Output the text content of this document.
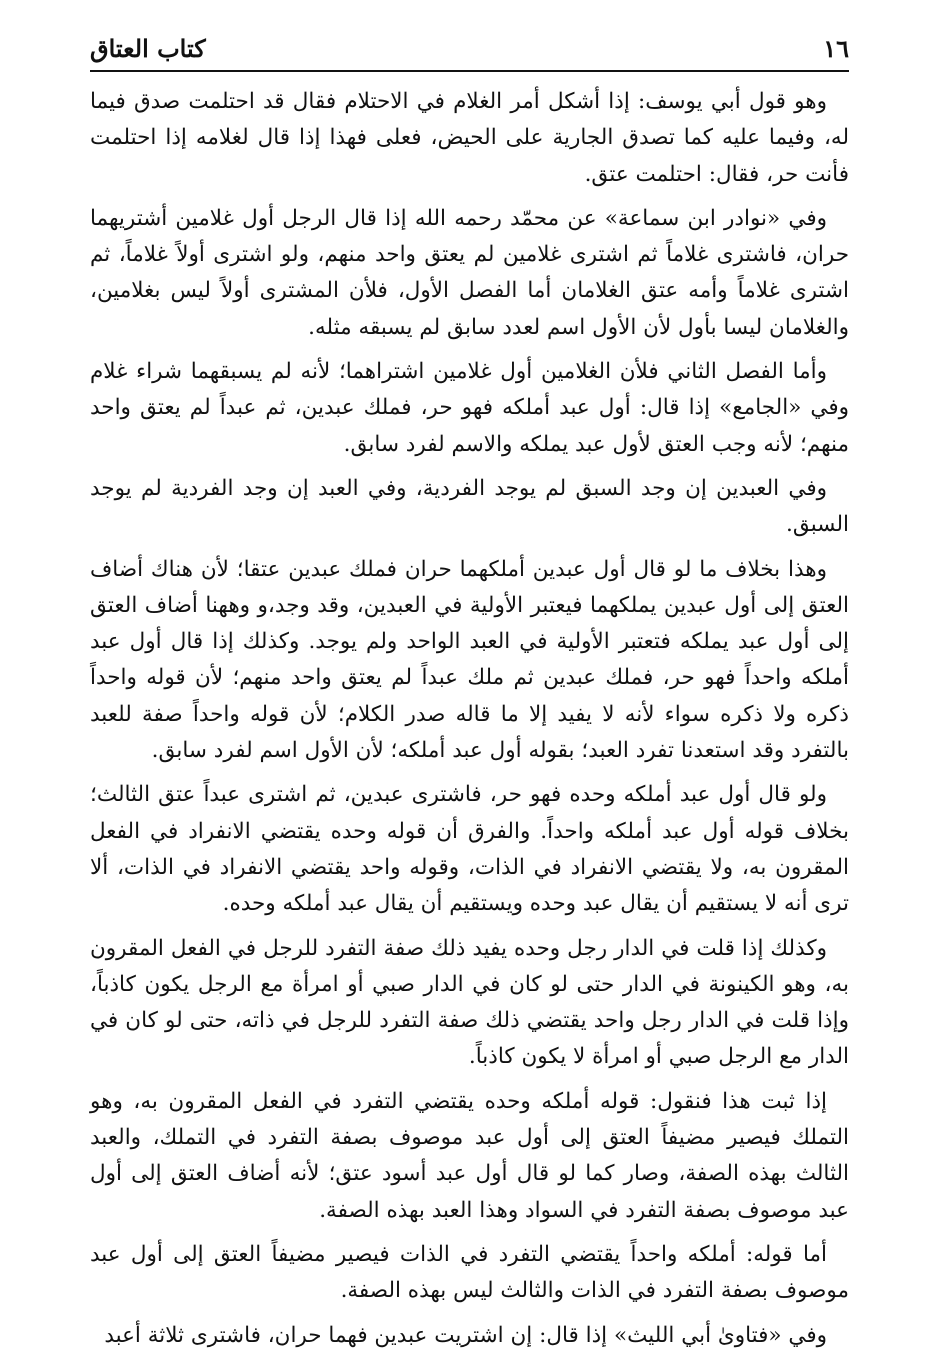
١٦
كتاب العتاق

وهو قول أبي يوسف: إذا أشكل أمر الغلام في الاحتلام فقال قد احتلمت صدق فيما له، وفيما عليه كما تصدق الجارية على الحيض، فعلى فهذا إذا قال لغلامه إذا احتلمت فأنت حر، فقال: احتلمت عتق.

وفي «نوادر ابن سماعة» عن محمّد رحمه الله إذا قال الرجل أول غلامين أشتريهما حران، فاشترى غلاماً ثم اشترى غلامين لم يعتق واحد منهم، ولو اشترى أولاً غلاماً، ثم اشترى غلاماً وأمه عتق الغلامان أما الفصل الأول، فلأن المشترى أولاً ليس بغلامين، والغلامان ليسا بأول لأن الأول اسم لعدد سابق لم يسبقه مثله.

وأما الفصل الثاني فلأن الغلامين أول غلامين اشتراهما؛ لأنه لم يسبقهما شراء غلام وفي «الجامع» إذا قال: أول عبد أملكه فهو حر، فملك عبدين، ثم عبداً لم يعتق واحد منهم؛ لأنه وجب العتق لأول عبد يملكه والاسم لفرد سابق.

وفي العبدين إن وجد السبق لم يوجد الفردية، وفي العبد إن وجد الفردية لم يوجد السبق.

وهذا بخلاف ما لو قال أول عبدين أملكهما حران فملك عبدين عتقا؛ لأن هناك أضاف العتق إلى أول عبدين يملكهما فيعتبر الأولية في العبدين، وقد وجد،و وههنا أضاف العتق إلى أول عبد يملكه فتعتبر الأولية في العبد الواحد ولم يوجد. وكذلك إذا قال أول عبد أملكه واحداً فهو حر، فملك عبدين ثم ملك عبداً لم يعتق واحد منهم؛ لأن قوله واحداً ذكره ولا ذكره سواء لأنه لا يفيد إلا ما قاله صدر الكلام؛ لأن قوله واحداً صفة للعبد بالتفرد وقد استعدنا تفرد العبد؛ بقوله أول عبد أملكه؛ لأن الأول اسم لفرد سابق.

ولو قال أول عبد أملكه وحده فهو حر، فاشترى عبدين، ثم اشترى عبداً عتق الثالث؛ بخلاف قوله أول عبد أملكه واحداً. والفرق أن قوله وحده يقتضي الانفراد في الفعل المقرون به، ولا يقتضي الانفراد في الذات، وقوله واحد يقتضي الانفراد في الذات، ألا ترى أنه لا يستقيم أن يقال عبد وحده ويستقيم أن يقال عبد أملكه وحده.

وكذلك إذا قلت في الدار رجل وحده يفيد ذلك صفة التفرد للرجل في الفعل المقرون به، وهو الكينونة في الدار حتى لو كان في الدار صبي أو امرأة مع الرجل يكون كاذباً، وإذا قلت في الدار رجل واحد يقتضي ذلك صفة التفرد للرجل في ذاته، حتى لو كان في الدار مع الرجل صبي أو امرأة لا يكون كاذباً.

إذا ثبت هذا فنقول: قوله أملكه وحده يقتضي التفرد في الفعل المقرون به، وهو التملك فيصير مضيفاً العتق إلى أول عبد موصوف بصفة التفرد في التملك، والعبد الثالث بهذه الصفة، وصار كما لو قال أول عبد أسود عتق؛ لأنه أضاف العتق إلى أول عبد موصوف بصفة التفرد في السواد وهذا العبد بهذه الصفة.

أما قوله: أملكه واحداً يقتضي التفرد في الذات فيصير مضيفاً العتق إلى أول عبد موصوف بصفة التفرد في الذات والثالث ليس بهذه الصفة.

وفي «فتاوىٰ أبي الليث» إذا قال: إن اشتريت عبدين فهما حران، فاشترى ثلاثة أعبد
